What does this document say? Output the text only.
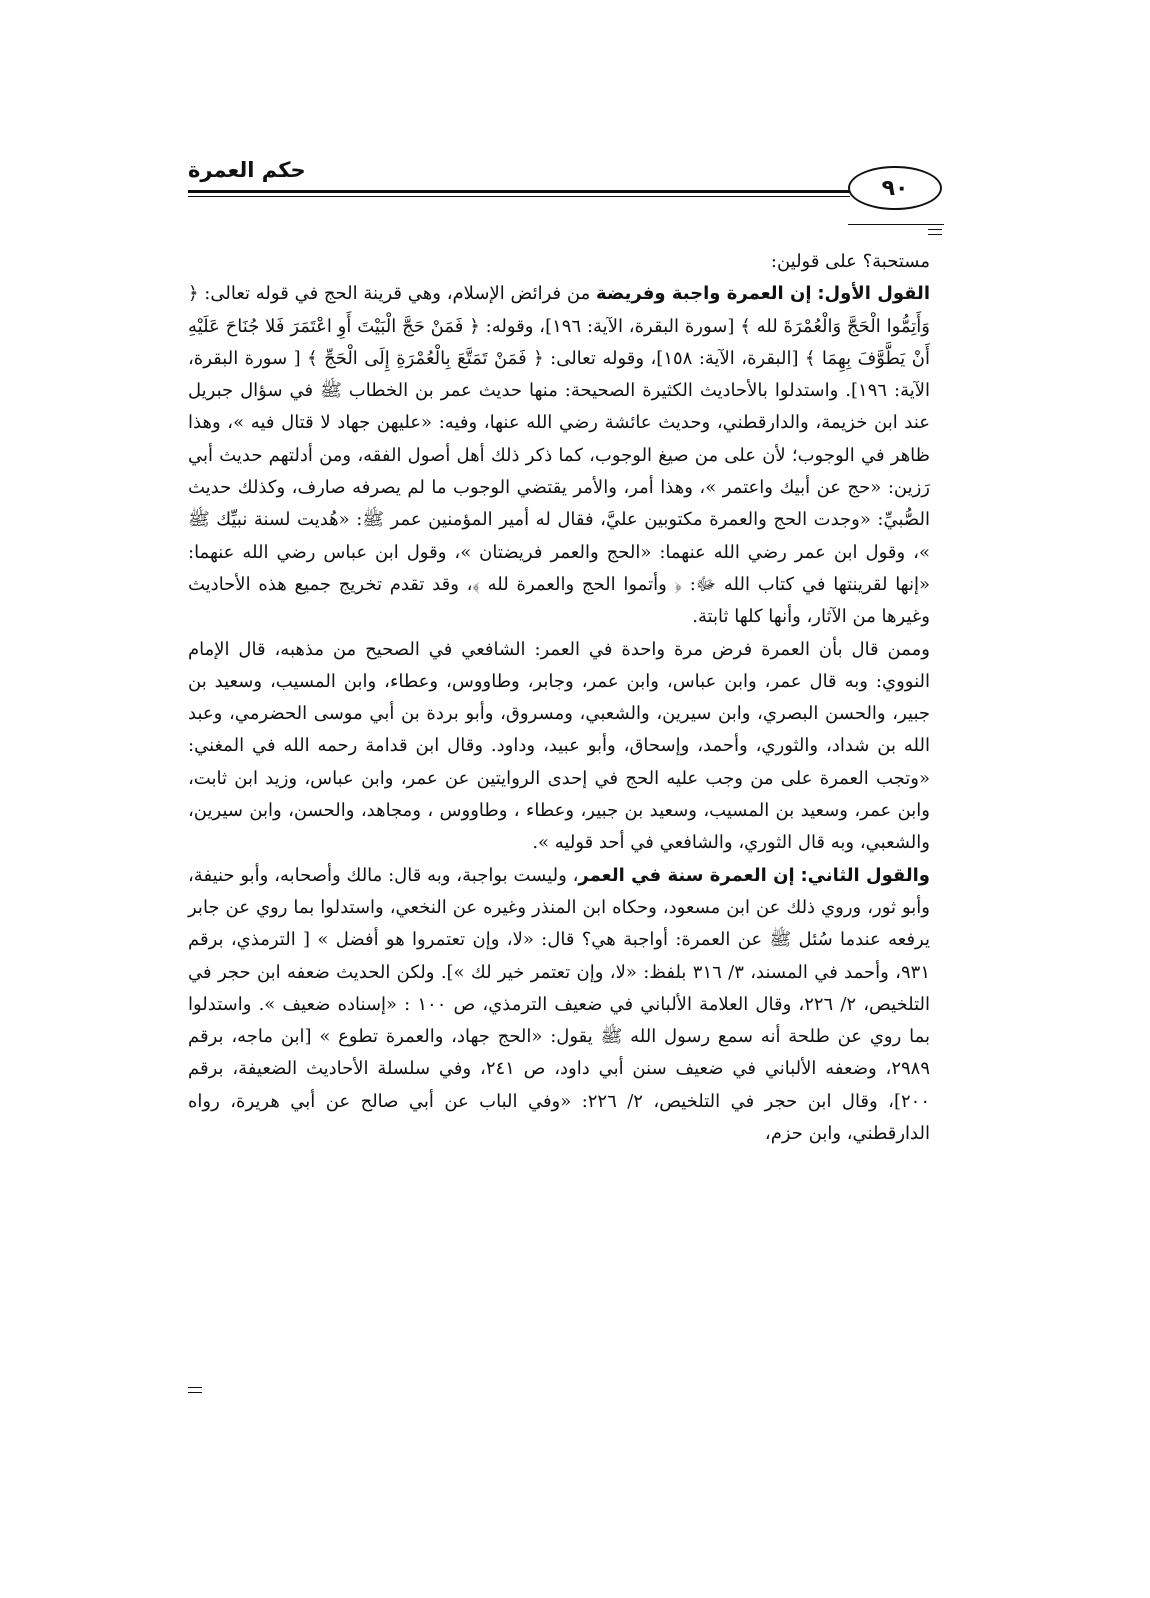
حكم العمرة
٩٠

مستحبة؟ على قولين:

القول الأول: إن العمرة واجبة وفريضة من فرائض الإسلام، وهي قرينة الحج في قوله تعالى: ﴿ وَأَتِمُّوا الْحَجَّ وَالْعُمْرَةَ لله ﴾ [سورة البقرة، الآية: ١٩٦]، وقوله: ﴿ فَمَنْ حَجَّ الْبَيْتَ أَوِ اعْتَمَرَ فَلا جُنَاحَ عَلَيْهِ أَنْ يَطَّوَّفَ بِهِمَا ﴾ [البقرة، الآية: ١٥٨]، وقوله تعالى: ﴿ فَمَنْ تَمَتَّعَ بِالْعُمْرَةِ إِلَى الْحَجِّ ﴾ [ سورة البقرة، الآية: ١٩٦]. واستدلوا بالأحاديث الكثيرة الصحيحة: منها حديث عمر بن الخطاب ﷺ في سؤال جبريل عند ابن خزيمة، والدارقطني، وحديث عائشة رضي الله عنها، وفيه: «عليهن جهاد لا قتال فيه »، وهذا ظاهر في الوجوب؛ لأن على من صيغ الوجوب، كما ذكر ذلك أهل أصول الفقه، ومن أدلتهم حديث أبي رَزين: «حج عن أبيك واعتمر »، وهذا أمر، والأمر يقتضي الوجوب ما لم يصرفه صارف، وكذلك حديث الصُّبيِّ: «وجدت الحج والعمرة مكتوبين عليَّ، فقال له أمير المؤمنين عمر ﷺ: «هُديت لسنة نبيِّك ﷺ »، وقول ابن عمر رضي الله عنهما: «الحج والعمر فريضتان »، وقول ابن عباس رضي الله عنهما: «إنها لقرينتها في كتاب الله ﷻ: ﴿ وأتموا الحج والعمرة لله ﴾، وقد تقدم تخريج جميع هذه الأحاديث وغيرها من الآثار، وأنها كلها ثابتة.

وممن قال بأن العمرة فرض مرة واحدة في العمر: الشافعي في الصحيح من مذهبه، قال الإمام النووي: وبه قال عمر، وابن عباس، وابن عمر، وجابر، وطاووس، وعطاء، وابن المسيب، وسعيد بن جبير، والحسن البصري، وابن سيرين، والشعبي، ومسروق، وأبو بردة بن أبي موسى الحضرمي، وعبد الله بن شداد، والثوري، وأحمد، وإسحاق، وأبو عبيد، وداود. وقال ابن قدامة رحمه الله في المغني: «وتجب العمرة على من وجب عليه الحج في إحدى الروايتين عن عمر، وابن عباس، وزيد ابن ثابت، وابن عمر، وسعيد بن المسيب، وسعيد بن جبير، وعطاء ، وطاووس ، ومجاهد، والحسن، وابن سيرين، والشعبي، وبه قال الثوري، والشافعي في أحد قوليه ».

والقول الثاني: إن العمرة سنة في العمر، وليست بواجبة، وبه قال: مالك وأصحابه، وأبو حنيفة، وأبو ثور، وروي ذلك عن ابن مسعود، وحكاه ابن المنذر وغيره عن النخعي، واستدلوا بما روي عن جابر يرفعه عندما سُئل ﷺ عن العمرة: أواجبة هي؟ قال: «لا، وإن تعتمروا هو أفضل » [ الترمذي، برقم ٩٣١، وأحمد في المسند، ٣/ ٣١٦ بلفظ: «لا، وإن تعتمر خير لك »]. ولكن الحديث ضعفه ابن حجر في التلخيص، ٢/ ٢٢٦، وقال العلامة الألباني في ضعيف الترمذي، ص ١٠٠ : «إسناده ضعيف ». واستدلوا بما روي عن طلحة أنه سمع رسول الله ﷺ يقول: «الحج جهاد، والعمرة تطوع » [ابن ماجه، برقم ٢٩٨٩، وضعفه الألباني في ضعيف سنن أبي داود، ص ٢٤١، وفي سلسلة الأحاديث الضعيفة، برقم ٢٠٠]، وقال ابن حجر في التلخيص، ٢/ ٢٢٦: «وفي الباب عن أبي صالح عن أبي هريرة، رواه الدارقطني، وابن حزم،
